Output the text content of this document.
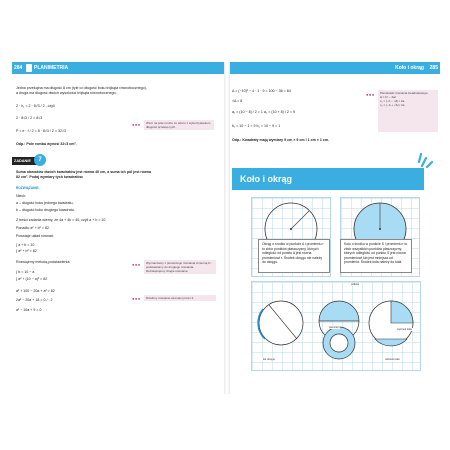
284 PLANIMETRIA
Jedna przekątna ma długość 8 cm (tyle co długość boku trójkąta równobocznego),
a druga ma długość dwóch wysokości trójkąta równobocznego:
2 · h₁ = 2 · 8√3 / 2 , czyli
2 · 8√3 / 2 = 8√3
P = e · f / 2 = 8 · 8√3 / 2 = 32√3
Odp.: Pole rombu wynosi 32√3 cm².
●●●	Wzór na pole rombu ze wzoru z wykorzystaniem długości przekąt-nych.
ZADANIE	7
Suma obwodów dwóch kwadratów jest równa 40 cm, a suma ich pól jest równa
82 cm². Podaj wymiary tych kwadratów.
ROZWIĄZANIE:
Niech:
a – długość boku jednego kwadratu,
b – długość boku drugiego kwadratu.
Z treści zadania wiemy, że 4a + 4b = 40, czyli a + b = 10.
Ponadto a² + b² = 82.
Powstaje układ równań:
{ a + b = 10
{ a² + b² = 82
Rozwiążmy metodą podstawienia:
{ b = 10 − a
{ a² + (10 − a)² = 82
a² + 100 − 20a + a² = 82
2a² − 20a + 18 = 0 / : 2
a² − 10a + 9 = 0
●●●	Wyznaczamy z pierwszego równania zmienną b i podstawiamy do drugiego równania. Rozwiązujemy drugie równanie.
●●●	Dzielimy równanie stronami przez 2.
Koło i okrąg 285
Δ = (−10)² − 4 · 1 · 9 = 100 − 36 = 64
√Δ = 8
a₁ = (10 − 8) / 2 = 1 a₂ = (10 + 8) / 2 = 9
b₁ = 10 − 1 = 9 b₂ = 10 − 9 = 1
Odp.: Kwadraty mają wymiary 9 cm × 9 cm i 1 cm × 1 cm.
●●● Pierwiastki równania kwadratowego.
Δ = b² − 4ac
x₁ = (−b − √Δ) / 2a
x₂ = (−b + √Δ) / 2a
Koło i okrąg
Okrąg o środku w punkcie A i promieniu r to zbiór punktów płaszczyzny, których odległość od punktu A jest równa promieniowi r. Środek okręgu nie należy do okręgu.
Koło o środku w punkcie S i promieniu r to zbiór wszystkich punktów płaszczyzny, których odległość od punktu S jest równa promieniowi lub jest mniejsza od promienia. Środek koła należy do koła.
półkole
pierścień
wycinek koła
łuk okręgu	odcinek koła
